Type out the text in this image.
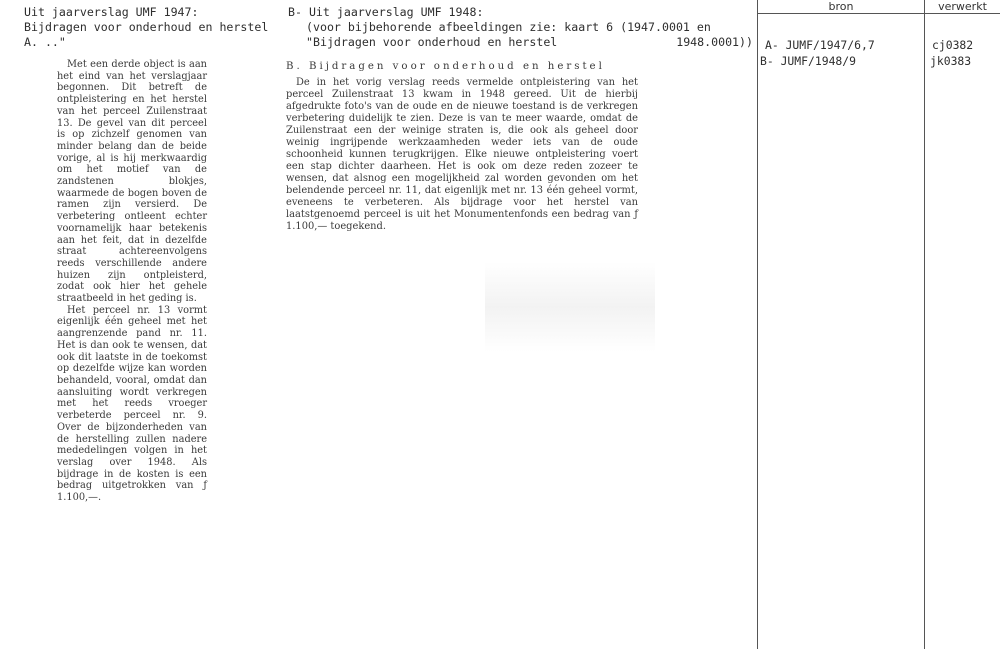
Uit jaarverslag UMF 1947:
Bijdragen voor onderhoud en herstel
A. .."

Met een derde object is aan het eind van het verslagjaar begonnen. Dit betreft de ontpleistering en het herstel van het perceel Zuilenstraat 13. De gevel van dit perceel is op zichzelf genomen van minder belang dan de beide vorige, al is hij merkwaardig om het motief van de zandstenen blokjes, waarmede de bogen boven de ramen zijn versierd. De verbetering ontleent echter voornamelijk haar betekenis aan het feit, dat in dezelfde straat achtereenvolgens reeds verschillende andere huizen zijn ontpleisterd, zodat ook hier het gehele straatbeeld in het geding is.

Het perceel nr. 13 vormt eigenlijk één geheel met het aangrenzende pand nr. 11. Het is dan ook te wensen, dat ook dit laatste in de toekomst op dezelfde wijze kan worden behandeld, vooral, omdat dan aansluiting wordt verkregen met het reeds vroeger verbeterde perceel nr. 9. Over de bijzonderheden van de herstelling zullen nadere mededelingen volgen in het verslag over 1948. Als bijdrage in de kosten is een bedrag uitgetrokken van ƒ 1.100,—.

B- Uit jaarverslag UMF 1948:
(voor bijbehorende afbeeldingen zie: kaart 6 (1947.0001 en
"Bijdragen voor onderhoud en herstel	1948.0001))
B. Bijdragen voor onderhoud en herstel

De in het vorig verslag reeds vermelde ontpleistering van het perceel Zuilenstraat 13 kwam in 1948 gereed. Uit de hierbij afgedrukte foto's van de oude en de nieuwe toestand is de verkregen verbetering duidelijk te zien. Deze is van te meer waarde, omdat de Zuilenstraat een der weinige straten is, die ook als geheel door weinig ingrijpende werkzaamheden weder iets van de oude schoonheid kunnen terugkrijgen. Elke nieuwe ontpleistering voert een stap dichter daarheen. Het is ook om deze reden zozeer te wensen, dat alsnog een mogelijkheid zal worden gevonden om het belendende perceel nr. 11, dat eigenlijk met nr. 13 één geheel vormt, eveneens te verbeteren. Als bijdrage voor het herstel van laatstgenoemd perceel is uit het Monumentenfonds een bedrag van ƒ 1.100,— toegekend.

bron	verwerkt
A- JUMF/1947/6,7
B- JUMF/1948/9
cj0382
jk0383
